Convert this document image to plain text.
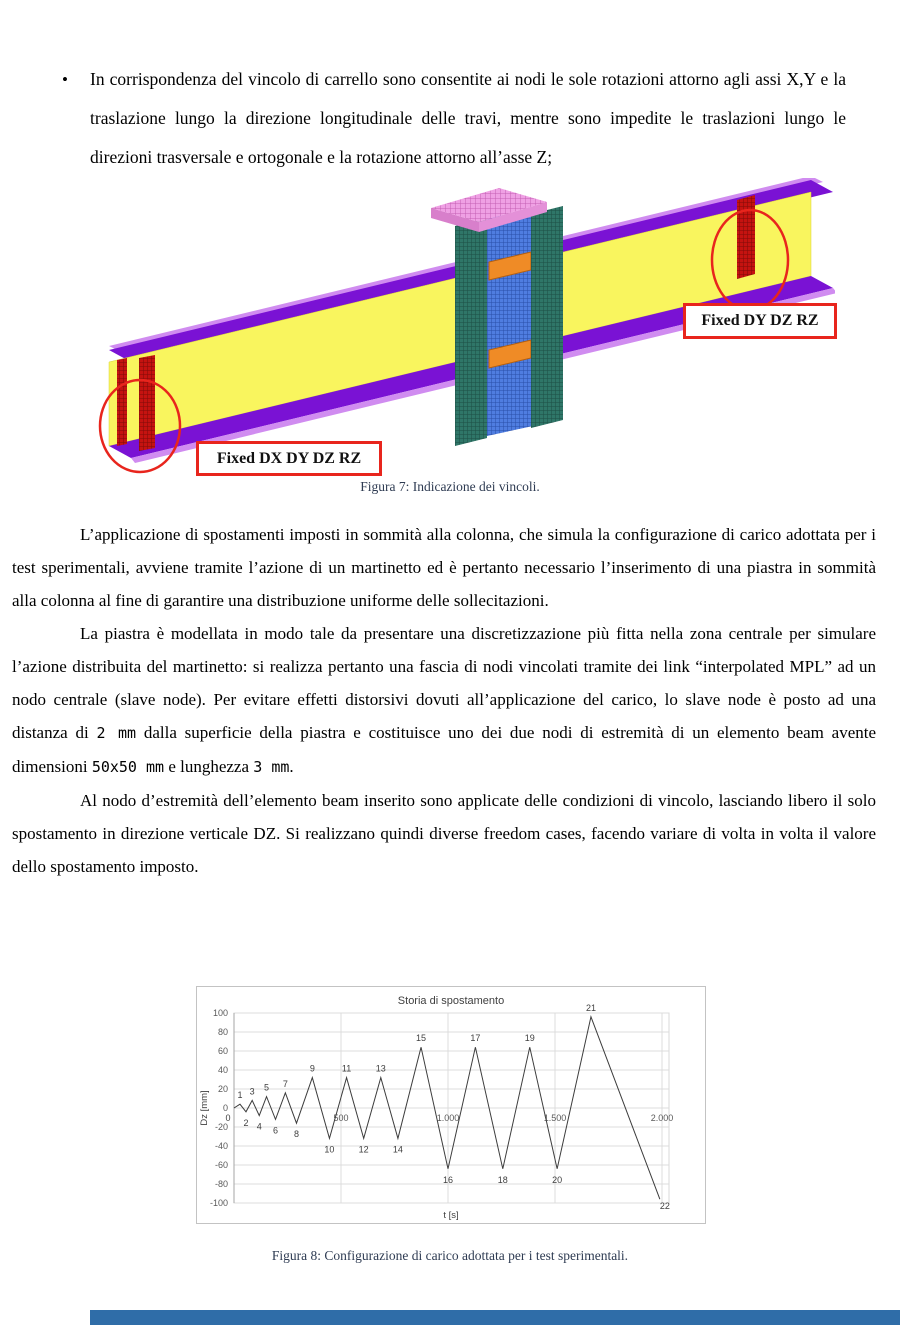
•	In corrispondenza del vincolo di carrello sono consentite ai nodi le sole rotazioni attorno agli assi X,Y e la traslazione lungo la direzione longitudinale delle travi, mentre sono impedite le traslazioni lungo le direzioni trasversale e ortogonale e la rotazione attorno all’asse Z;
Fixed DY DZ RZ
Fixed DX DY DZ RZ
Figura 7: Indicazione dei vincoli.

L’applicazione di spostamenti imposti in sommità alla colonna, che simula la configurazione di carico adottata per i test sperimentali, avviene tramite l’azione di un martinetto ed è pertanto necessario l’inserimento di una piastra in sommità alla colonna al fine di garantire una distribuzione uniforme delle sollecitazioni.

La piastra è modellata in modo tale da presentare una discretizzazione più fitta nella zona centrale per simulare l’azione distribuita del martinetto: si realizza pertanto una fascia di nodi vincolati tramite dei link “interpolated MPL” ad un nodo centrale (slave node). Per evitare effetti distorsivi dovuti all’applicazione del carico, lo slave node è posto ad una distanza di 2 mm dalla superficie della piastra e costituisce uno dei due nodi di estremità di un elemento beam avente dimensioni 50x50 mm e lunghezza 3 mm.

Al nodo d’estremità dell’elemento beam inserito sono applicate delle condizioni di vincolo, lasciando libero il solo spostamento in direzione verticale DZ. Si realizzano quindi diverse freedom cases, facendo variare di volta in volta il valore dello spostamento imposto.

Storia di spostamento
t [s]
Dz [mm]
100
80
60
40
20
0
-20
-40
-60
-80
-100
500	1.000	1.500	2.000
0
1
2
3
4
5
6
7
8
9
10
11
12
13
14
15
16
17
18
19
20
21
22
Figura 8: Configurazione di carico adottata per i test sperimentali.
